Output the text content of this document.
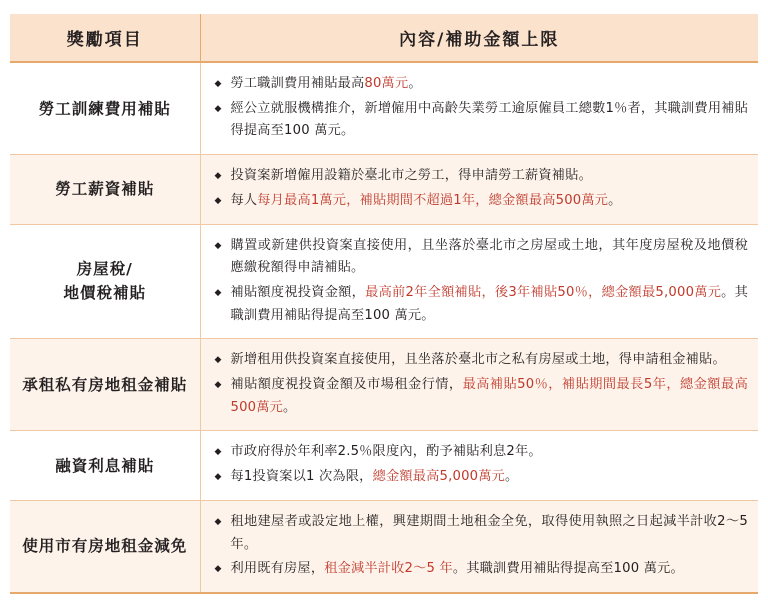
獎勵項目	內容/補助金額上限
勞工訓練費用補貼	
◆ 勞工職訓費用補貼最高80萬元。
◆ 經公立就服機構推介，新增僱用中高齡失業勞工逾原僱員工總數1％者，其職訓費用補貼得提高至100 萬元。

勞工薪資補貼	
◆ 投資案新增僱用設籍於臺北市之勞工，得申請勞工薪資補貼。
◆ 每人每月最高1萬元，補貼期間不超過1年，總金額最高500萬元。

房屋稅/
地價稅補貼	
◆ 購置或新建供投資案直接使用，且坐落於臺北市之房屋或土地，其年度房屋稅及地價稅應繳稅額得申請補貼。
◆ 補貼額度視投資金額，最高前2年全額補貼，後3年補貼50％，總金額最5,000萬元。其職訓費用補貼得提高至100 萬元。

承租私有房地租金補貼	
◆ 新增租用供投資案直接使用，且坐落於臺北市之私有房屋或土地，得申請租金補貼。
◆ 補貼額度視投資金額及市場租金行情，最高補貼50％，補貼期間最長5年，總金額最高500萬元。

融資利息補貼	
◆ 市政府得於年利率2.5％限度內，酌予補貼利息2年。
◆ 每1投資案以1 次為限，總金額最高5,000萬元。

使用市有房地租金減免	
◆ 租地建屋者或設定地上權，興建期間土地租金全免，取得使用執照之日起減半計收2～5 年。
◆ 利用既有房屋，租金減半計收2～5 年。其職訓費用補貼得提高至100 萬元。
